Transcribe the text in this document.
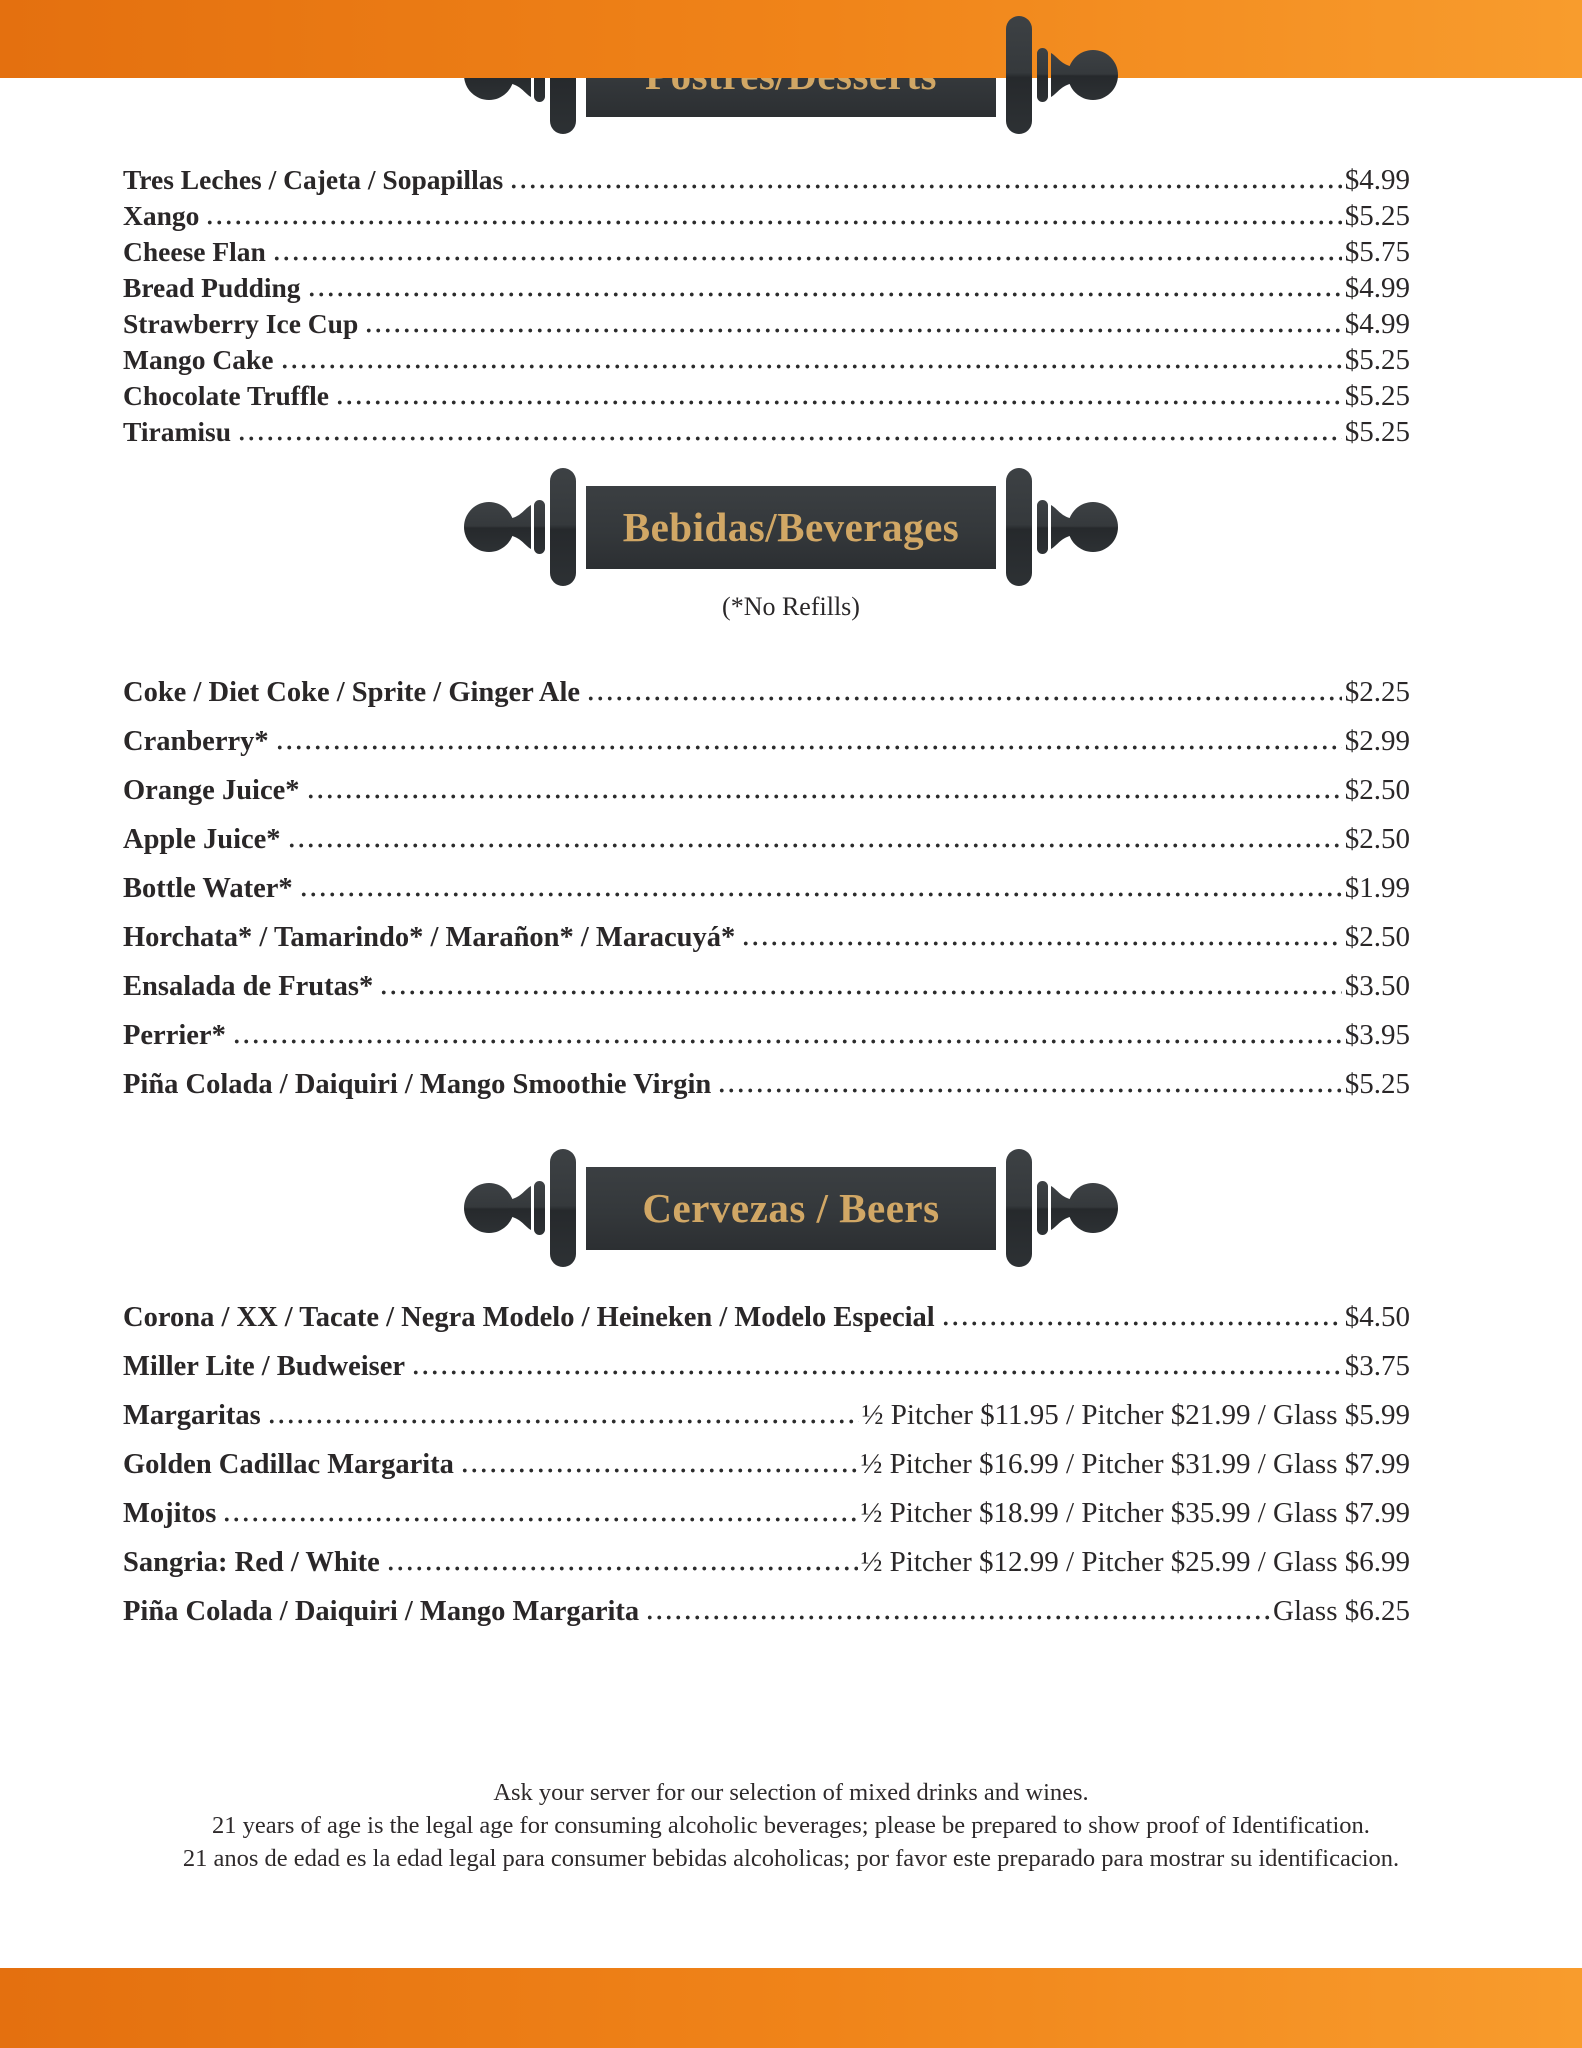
Tres Leches / Cajeta / Sopapillas	$4.99
Xango	$5.25
Cheese Flan	$5.75
Bread Pudding	$4.99
Strawberry Ice Cup	$4.99
Mango Cake	$5.25
Chocolate Truffle	$5.25
Tiramisu	$5.25
Bebidas/Beverages
(*No Refills)
Coke / Diet Coke / Sprite / Ginger Ale	$2.25
Cranberry*	$2.99
Orange Juice*	$2.50
Apple Juice*	$2.50
Bottle Water*	$1.99
Horchata* / Tamarindo* / Marañon* / Maracuyá*	$2.50
Ensalada de Frutas*	$3.50
Perrier*	$3.95
Piña Colada / Daiquiri / Mango Smoothie Virgin	$5.25
Cervezas / Beers
Corona / XX / Tacate / Negra Modelo / Heineken / Modelo Especial	$4.50
Miller Lite / Budweiser	$3.75
Margaritas	½ Pitcher $11.95 / Pitcher $21.99 / Glass $5.99
Golden Cadillac Margarita	½ Pitcher $16.99 / Pitcher $31.99 / Glass $7.99
Mojitos	½ Pitcher $18.99 / Pitcher $35.99 / Glass $7.99
Sangria: Red / White	½ Pitcher $12.99 / Pitcher $25.99 / Glass $6.99
Piña Colada / Daiquiri / Mango Margarita	Glass $6.25
Ask your server for our selection of mixed drinks and wines.
21 years of age is the legal age for consuming alcoholic beverages; please be prepared to show proof of Identification.
21 anos de edad es la edad legal para consumer bebidas alcoholicas; por favor este preparado para mostrar su identificacion.
